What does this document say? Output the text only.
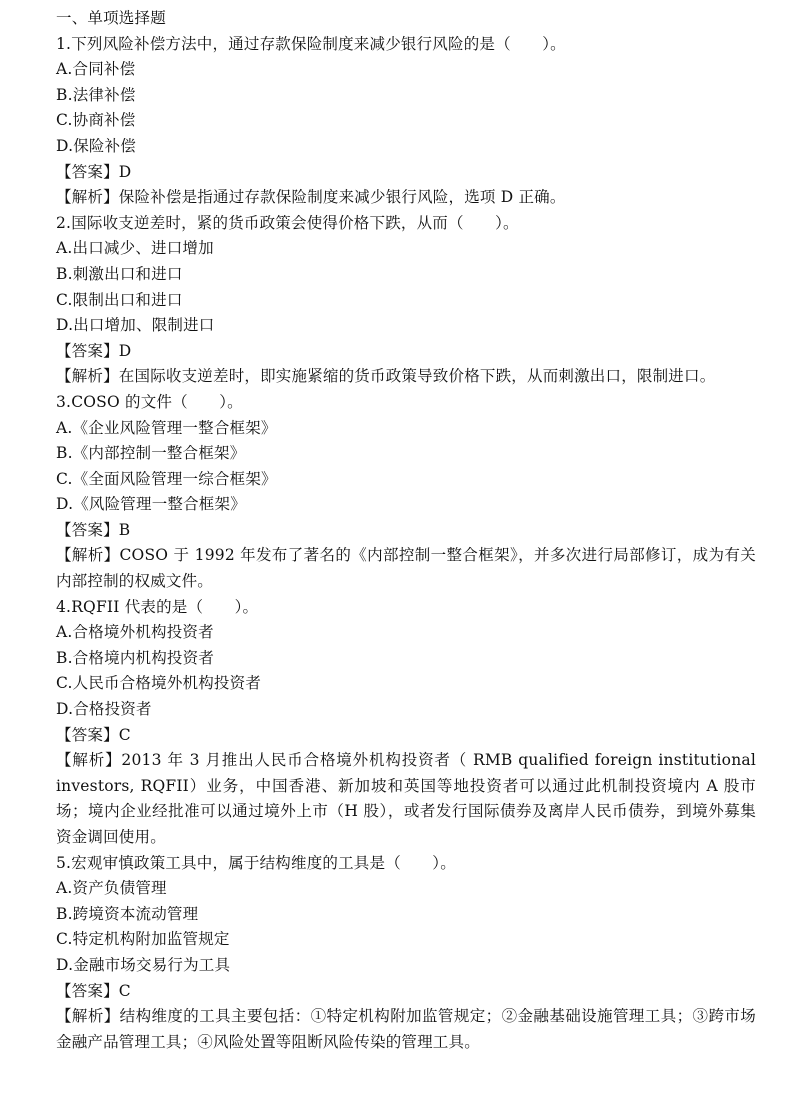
一、单项选择题
1.下列风险补偿方法中，通过存款保险制度来减少银行风险的是（　　）。
A.合同补偿
B.法律补偿
C.协商补偿
D.保险补偿
【答案】D
【解析】保险补偿是指通过存款保险制度来减少银行风险，选项 D 正确。
2.国际收支逆差时，紧的货币政策会使得价格下跌，从而（　　）。
A.出口减少、进口增加
B.刺激出口和进口
C.限制出口和进口
D.出口增加、限制进口
【答案】D
【解析】在国际收支逆差时，即实施紧缩的货币政策导致价格下跌，从而刺激出口，限制进口。
3.COSO 的文件（　　）。
A.《企业风险管理一整合框架》
B.《内部控制一整合框架》
C.《全面风险管理一综合框架》
D.《风险管理一整合框架》
【答案】B
【解析】COSO 于 1992 年发布了著名的《内部控制一整合框架》，并多次进行局部修订，成为有关内部控制的权威文件。
4.RQFII 代表的是（　　）。
A.合格境外机构投资者
B.合格境内机构投资者
C.人民币合格境外机构投资者
D.合格投资者
【答案】C
【解析】2013 年 3 月推出人民币合格境外机构投资者（ RMB qualified foreign institutional investors, RQFII）业务，中国香港、新加坡和英国等地投资者可以通过此机制投资境内 A 股市场；境内企业经批准可以通过境外上市（H 股），或者发行国际债券及离岸人民币债券，到境外募集资金调回使用。
5.宏观审慎政策工具中，属于结构维度的工具是（　　）。
A.资产负债管理
B.跨境资本流动管理
C.特定机构附加监管规定
D.金融市场交易行为工具
【答案】C
【解析】结构维度的工具主要包括：①特定机构附加监管规定；②金融基础设施管理工具；③跨市场金融产品管理工具；④风险处置等阻断风险传染的管理工具。
